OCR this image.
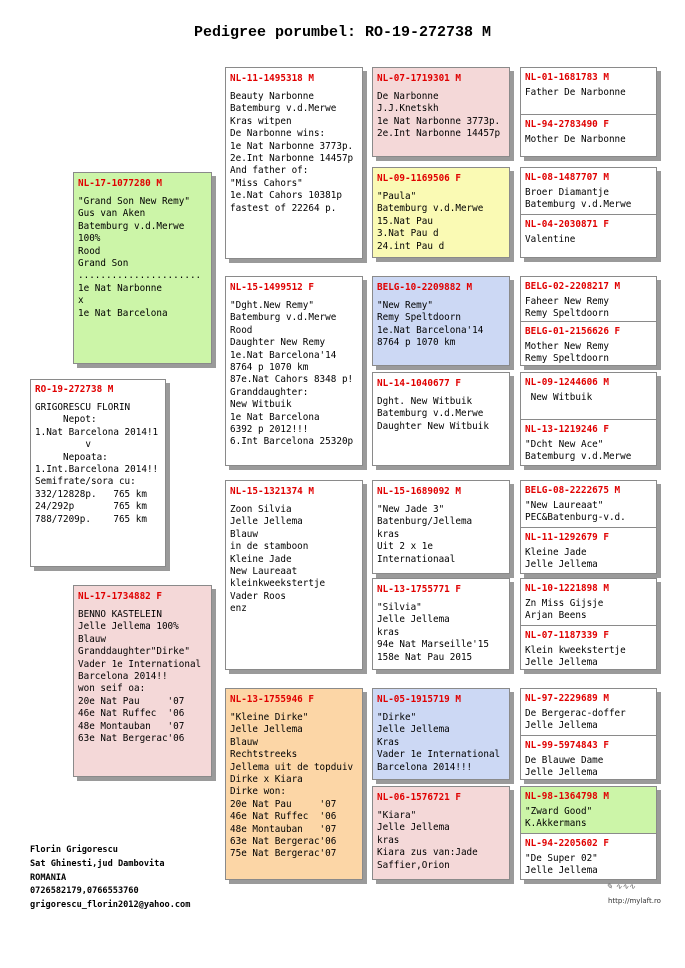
Pedigree porumbel: RO-19-272738 M
RO-19-272738 M
GRIGORESCU FLORIN
Nepot:
1.Nat Barcelona 2014!1
v
Nepoata:
1.Int.Barcelona 2014!!
Semifrate/sora cu:
332/12828p.   765 km
24/292p       765 km
788/7209p.    765 km
NL-17-1077280 M
"Grand Son New Remy"
Gus van Aken
Batemburg v.d.Merwe
100%
Rood
Grand Son
......................
1e Nat Narbonne
x
1e Nat Barcelona
NL-17-1734882 F
BENNO KASTELEIN
Jelle Jellema 100%
Blauw
Granddaughter"Dirke"
Vader 1e International
Barcelona 2014!!
won seif oa:
20e Nat Pau     '07
46e Nat Ruffec  '06
48e Montauban   '07
63e Nat Bergerac'06
NL-11-1495318 M
Beauty Narbonne
Batemburg v.d.Merwe
Kras witpen
De Narbonne wins:
1e Nat Narbonne 3773p.
2e.Int Narbonne 14457p
And father of:
"Miss Cahors"
1e.Nat Cahors 10381p
fastest of 22264 p.
NL-15-1499512 F
"Dght.New Remy"
Batemburg v.d.Merwe
Rood
Daughter New Remy
1e.Nat Barcelona'14
8764 p 1070 km
87e.Nat Cahors 8348 p!
Granddaughter:
New Witbuik
1e Nat Barcelona
6392 p 2012!!!
6.Int Barcelona 25320p
NL-15-1321374 M
Zoon Silvia
Jelle Jellema
Blauw
in de stamboon
Kleine Jade
New Laureaat
kleinkweekstertje
Vader Roos
enz
NL-13-1755946 F
"Kleine Dirke"
Jelle Jellema
Blauw
Rechtstreeks
Jellema uit de topduiv
Dirke x Kiara
Dirke won:
20e Nat Pau     '07
46e Nat Ruffec  '06
48e Montauban   '07
63e Nat Bergerac'06
75e Nat Bergerac'07
NL-07-1719301 M
De Narbonne
J.J.Knetskh
1e Nat Narbonne 3773p.
2e.Int Narbonne 14457p
NL-09-1169506 F
"Paula"
Batemburg v.d.Merwe
15.Nat Pau
3.Nat Pau d
24.int Pau d
BELG-10-2209882 M
"New Remy"
Remy Speltdoorn
1e.Nat Barcelona'14
8764 p 1070 km
NL-14-1040677 F
Dght. New Witbuik
Batemburg v.d.Merwe
Daughter New Witbuik
NL-15-1689092 M
"New Jade 3"
Batenburg/Jellema
kras
Uit 2 x 1e
Internationaal
NL-13-1755771 F
"Silvia"
Jelle Jellema
kras
94e Nat Marseille'15
158e Nat Pau 2015
NL-05-1915719 M
"Dirke"
Jelle Jellema
Kras
Vader 1e International
Barcelona 2014!!!
NL-06-1576721 F
"Kiara"
Jelle Jellema
kras
Kiara zus van:Jade
Saffier,Orion
NL-01-1681783 M
Father De Narbonne
NL-94-2783490 F
Mother De Narbonne
NL-08-1487707 M
Broer Diamantje
Batemburg v.d.Merwe
NL-04-2030871 F
Valentine
BELG-02-2208217 M
Faheer New Remy
Remy Speltdoorn
BELG-01-2156626 F
Mother New Remy
Remy Speltdoorn
NL-09-1244606 M
New Witbuik
NL-13-1219246 F
"Dcht New Ace"
Batemburg v.d.Merwe
BELG-08-2222675 M
"New Laureaat"
PEC&Batenburg-v.d.
NL-11-1292679 F
Kleine Jade
Jelle Jellema
NL-10-1221898 M
Zn Miss Gijsje
Arjan Beens
NL-07-1187339 F
Klein kweekstertje
Jelle Jellema
NL-97-2229689 M
De Bergerac-doffer
Jelle Jellema
NL-99-5974843 F
De Blauwe Dame
Jelle Jellema
NL-98-1364798 M
"Zward Good"
K.Akkermans
NL-94-2205602 F
"De Super 02"
Jelle Jellema
Florin Grigorescu
Sat Ghinesti,jud Dambovita
ROMANIA
0726582179,0766553760
grigorescu_florin2012@yahoo.com
✎ ∿∿∿
http://mylaft.ro
